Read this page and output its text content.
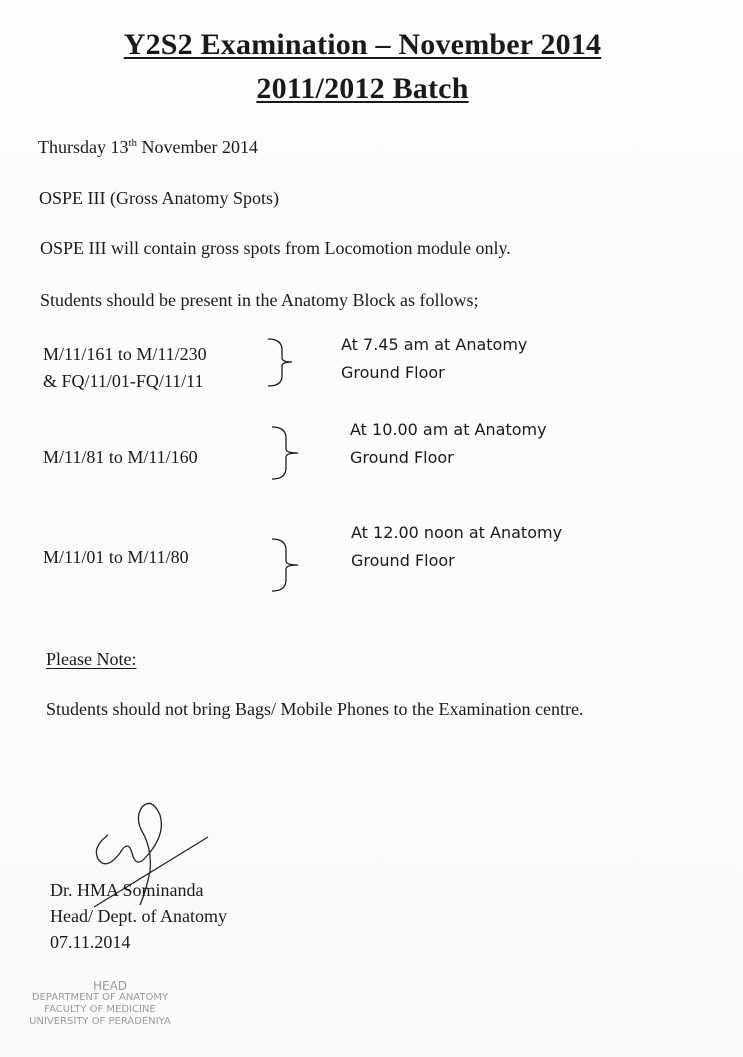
Y2S2 Examination – November 2014
2011/2012 Batch
Thursday 13th November 2014
OSPE III (Gross Anatomy Spots)
OSPE III will contain gross spots from Locomotion module only.
Students should be present in the Anatomy Block as follows;
M/11/161 to M/11/230
& FQ/11/01-FQ/11/11
At 7.45 am at Anatomy
Ground Floor
M/11/81 to M/11/160
At 10.00 am at Anatomy
Ground Floor
M/11/01 to M/11/80
At 12.00 noon at Anatomy
Ground Floor
Please Note:
Students should not bring Bags/ Mobile Phones to the Examination centre.
Dr. HMA Sominanda
Head/ Dept. of Anatomy
07.11.2014
HEAD
DEPARTMENT OF ANATOMY
FACULTY OF MEDICINE
UNIVERSITY OF PERADENIYA
